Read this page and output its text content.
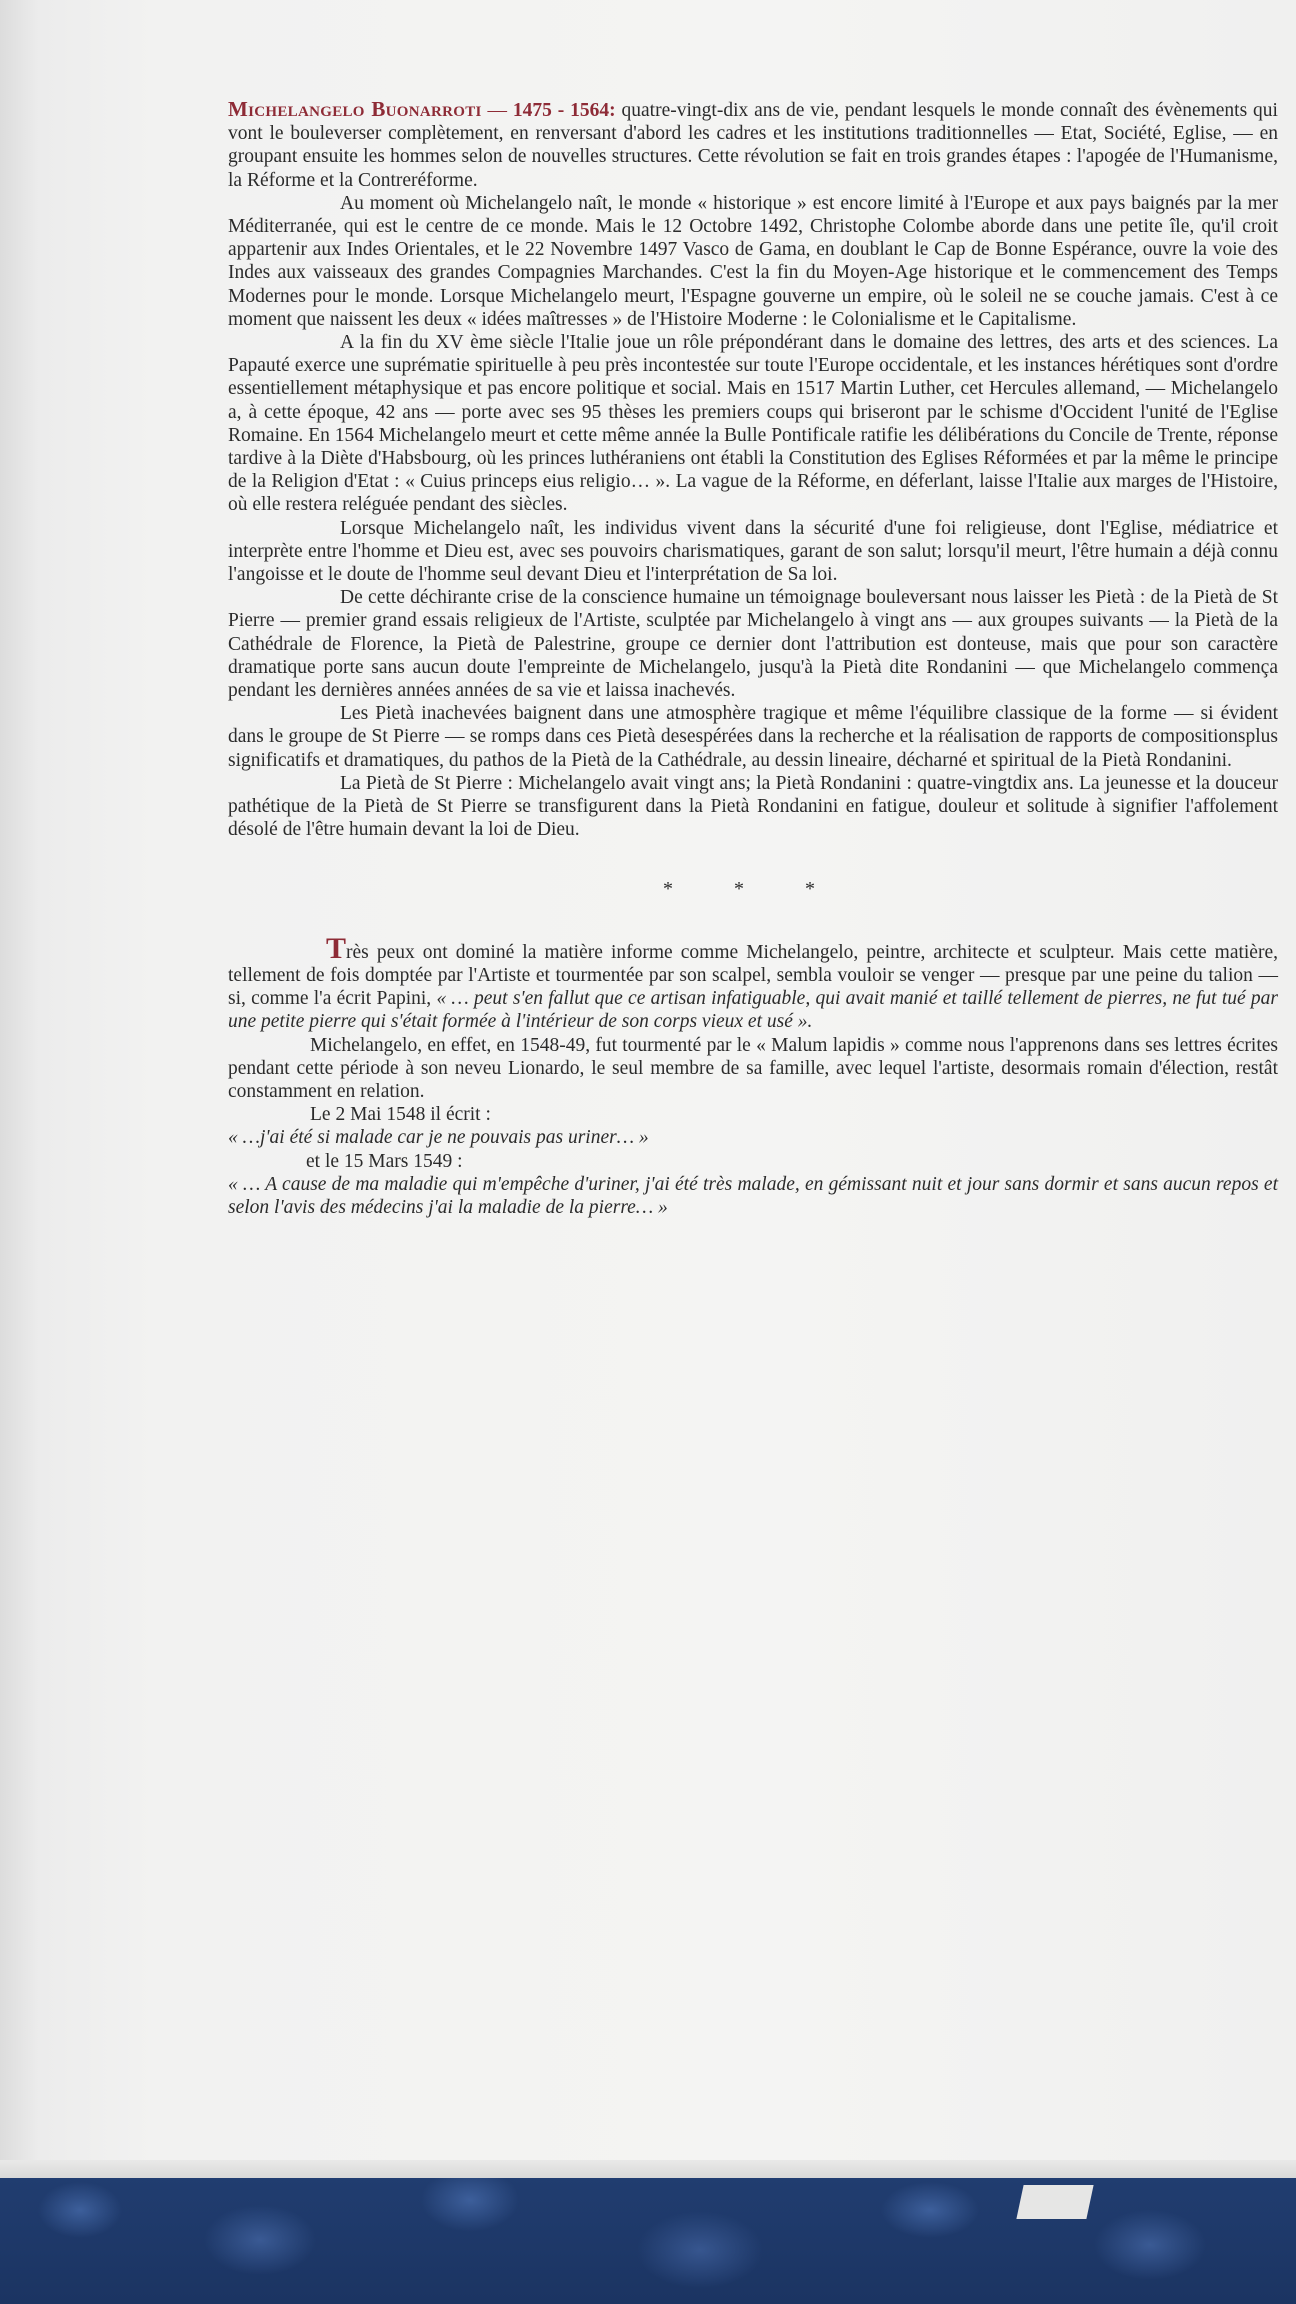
Michelangelo Buonarroti — 1475 - 1564: quatre-vingt-dix ans de vie, pendant lesquels le monde connaît des évènements qui vont le bouleverser complètement, en renversant d'abord les cadres et les institutions traditionnelles — Etat, Société, Eglise, — en groupant ensuite les hommes selon de nouvelles structures. Cette révolution se fait en trois grandes étapes : l'apogée de l'Humanisme, la Réforme et la Contreréforme.

Au moment où Michelangelo naît, le monde « historique » est encore limité à l'Europe et aux pays baignés par la mer Méditerranée, qui est le centre de ce monde. Mais le 12 Octobre 1492, Christophe Colombe aborde dans une petite île, qu'il croit appartenir aux Indes Orientales, et le 22 Novembre 1497 Vasco de Gama, en doublant le Cap de Bonne Espérance, ouvre la voie des Indes aux vaisseaux des grandes Compagnies Marchandes. C'est la fin du Moyen-Age historique et le commencement des Temps Modernes pour le monde. Lorsque Michelangelo meurt, l'Espagne gouverne un empire, où le soleil ne se couche jamais. C'est à ce moment que naissent les deux « idées maîtresses » de l'Histoire Moderne : le Colonialisme et le Capitalisme.

A la fin du XV ème siècle l'Italie joue un rôle prépondérant dans le domaine des lettres, des arts et des sciences. La Papauté exerce une suprématie spirituelle à peu près incontestée sur toute l'Europe occidentale, et les instances hérétiques sont d'ordre essentiellement métaphysique et pas encore politique et social. Mais en 1517 Martin Luther, cet Hercules allemand, — Michelangelo a, à cette époque, 42 ans — porte avec ses 95 thèses les premiers coups qui briseront par le schisme d'Occident l'unité de l'Eglise Romaine. En 1564 Michelangelo meurt et cette même année la Bulle Pontificale ratifie les délibérations du Concile de Trente, réponse tardive à la Diète d'Habsbourg, où les princes luthéraniens ont établi la Constitution des Eglises Réformées et par la même le principe de la Religion d'Etat : « Cuius princeps eius religio… ». La vague de la Réforme, en déferlant, laisse l'Italie aux marges de l'Histoire, où elle restera reléguée pendant des siècles.

Lorsque Michelangelo naît, les individus vivent dans la sécurité d'une foi religieuse, dont l'Eglise, médiatrice et interprète entre l'homme et Dieu est, avec ses pouvoirs charismatiques, garant de son salut; lorsqu'il meurt, l'être humain a déjà connu l'angoisse et le doute de l'homme seul devant Dieu et l'interprétation de Sa loi.

De cette déchirante crise de la conscience humaine un témoignage bouleversant nous laisser les Pietà : de la Pietà de St Pierre — premier grand essais religieux de l'Artiste, sculptée par Michelangelo à vingt ans — aux groupes suivants — la Pietà de la Cathédrale de Florence, la Pietà de Palestrine, groupe ce dernier dont l'attribution est donteuse, mais que pour son caractère dramatique porte sans aucun doute l'empreinte de Michelangelo, jusqu'à la Pietà dite Rondanini — que Michelangelo commença pendant les dernières années années de sa vie et laissa inachevés.

Les Pietà inachevées baignent dans une atmosphère tragique et même l'équilibre classique de la forme — si évident dans le groupe de St Pierre — se romps dans ces Pietà desespérées dans la recherche et la réalisation de rapports de compositionsplus significatifs et dramatiques, du pathos de la Pietà de la Cathédrale, au dessin lineaire, décharné et spiritual de la Pietà Rondanini.

La Pietà de St Pierre : Michelangelo avait vingt ans; la Pietà Rondanini : quatre-vingtdix ans. La jeunesse et la douceur pathétique de la Pietà de St Pierre se transfigurent dans la Pietà Rondanini en fatigue, douleur et solitude à signifier l'affolement désolé de l'être humain devant la loi de Dieu.

* * *

Très peux ont dominé la matière informe comme Michelangelo, peintre, architecte et sculpteur. Mais cette matière, tellement de fois domptée par l'Artiste et tourmentée par son scalpel, sembla vouloir se venger — presque par une peine du talion — si, comme l'a écrit Papini, « … peut s'en fallut que ce artisan infatiguable, qui avait manié et taillé tellement de pierres, ne fut tué par une petite pierre qui s'était formée à l'intérieur de son corps vieux et usé ».

Michelangelo, en effet, en 1548-49, fut tourmenté par le « Malum lapidis » comme nous l'apprenons dans ses lettres écrites pendant cette période à son neveu Lionardo, le seul membre de sa famille, avec lequel l'artiste, desormais romain d'élection, restât constamment en relation.

Le 2 Mai 1548 il écrit :

« …j'ai été si malade car je ne pouvais pas uriner… »

et le 15 Mars 1549 :

« … A cause de ma maladie qui m'empêche d'uriner, j'ai été très malade, en gémissant nuit et jour sans dormir et sans aucun repos et selon l'avis des médecins j'ai la maladie de la pierre… »
